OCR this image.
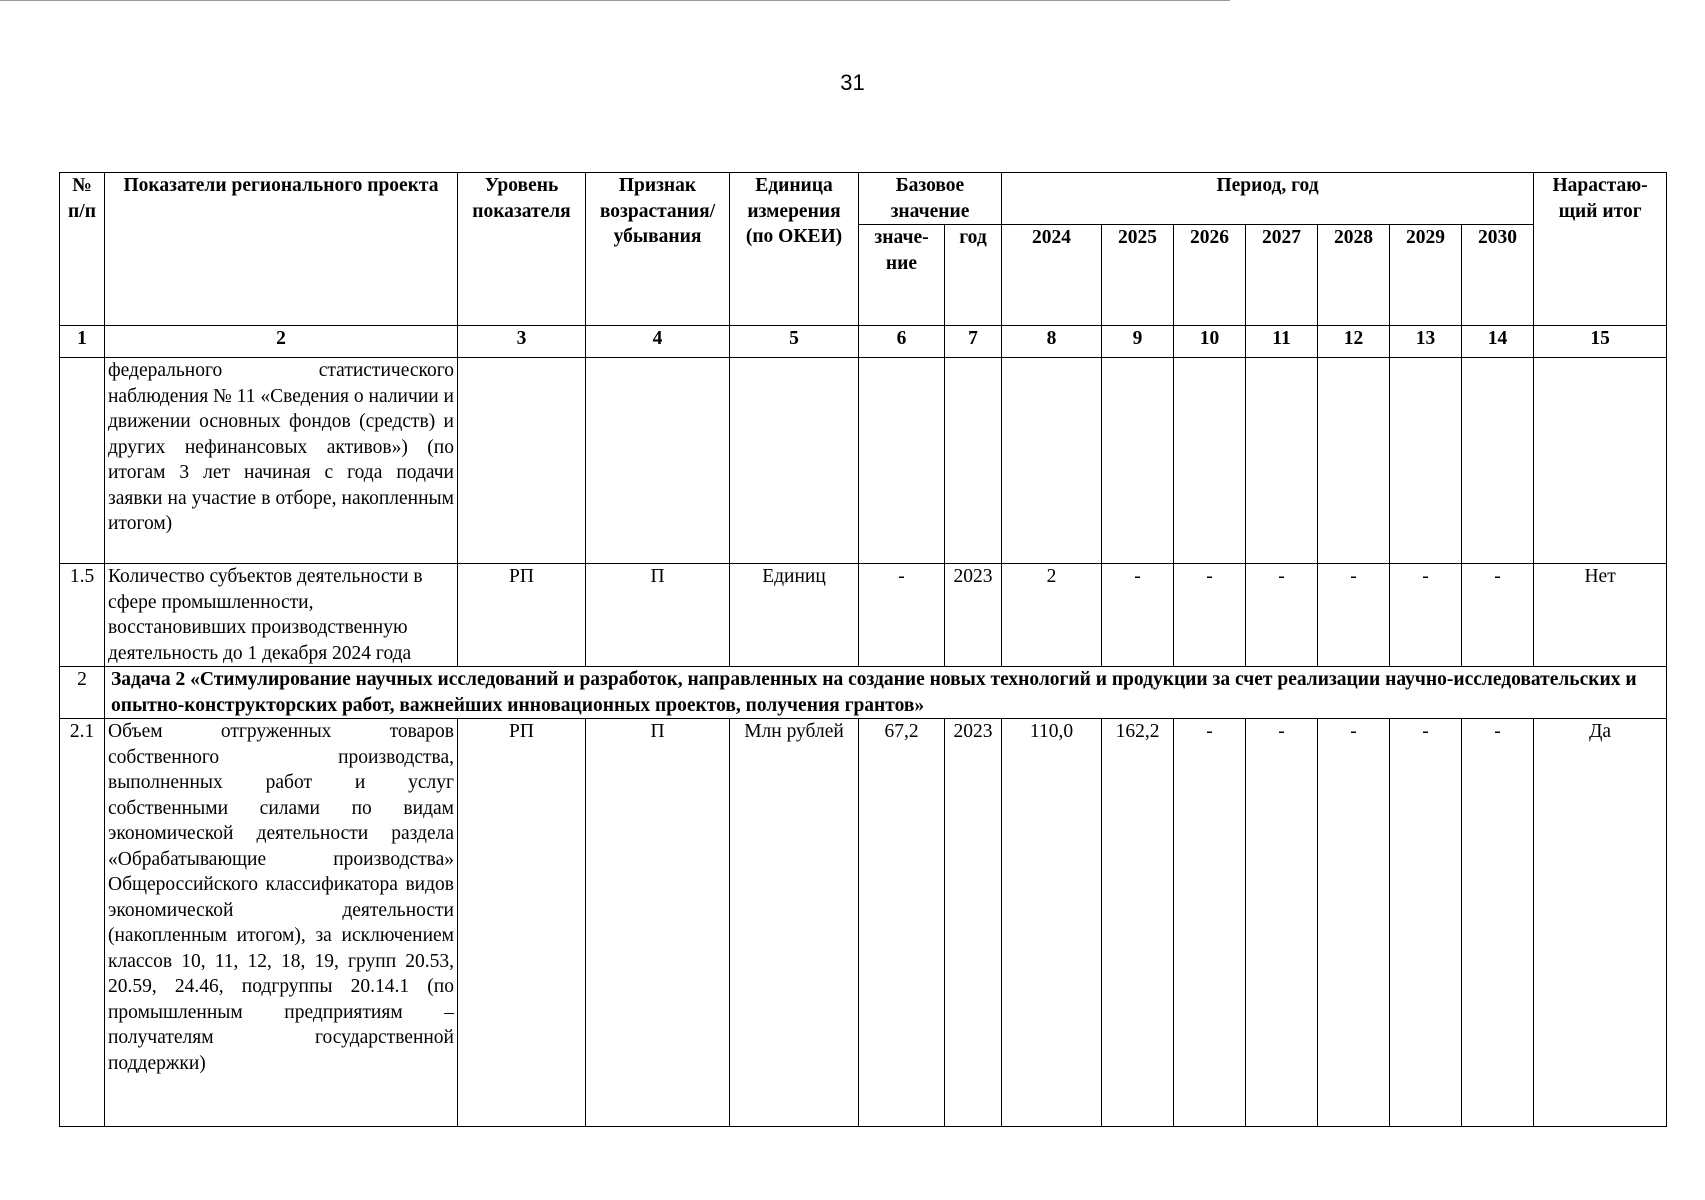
31
№ п/п	Показатели регионального проекта	Уровень показателя	Признак возрастания/ убывания	Единица измерения (по ОКЕИ)	Базовое значение		Период, год							Нарастаю-щий итог
					значе-ние	год	2024	2025	2026	2027	2028	2029	2030	
1	2	3	4	5	6	7	8	9	10	11	12	13	14	15
	федерального статистического наблюдения № 11 «Сведения о наличии и движении основных фондов (средств) и других нефинансовых активов») (по итогам 3 лет начиная с года подачи заявки на участие в отборе, накопленным итогом)													
1.5	Количество субъектов деятельности в сфере промышленности, восстановивших производственную деятельность до 1 декабря 2024 года	РП	П	Единиц	-	2023	2	-	-	-	-	-	-	Нет
2	Задача 2 «Стимулирование научных исследований и разработок, направленных на создание новых технологий и продукции за счет реализации научно-исследовательских и опытно-конструкторских работ, важнейших инновационных проектов, получения грантов»													
2.1	Объем отгруженных товаров собственного производства, выполненных работ и услуг собственными силами по видам экономической деятельности раздела «Обрабатывающие производства» Общероссийского классификатора видов экономической деятельности (накопленным итогом), за исключением классов 10, 11, 12, 18, 19, групп 20.53, 20.59, 24.46, подгруппы 20.14.1 (по промышленным предприятиям – получателям государственной поддержки)	РП	П	Млн рублей	67,2	2023	110,0	162,2	-	-	-	-	-	Да
